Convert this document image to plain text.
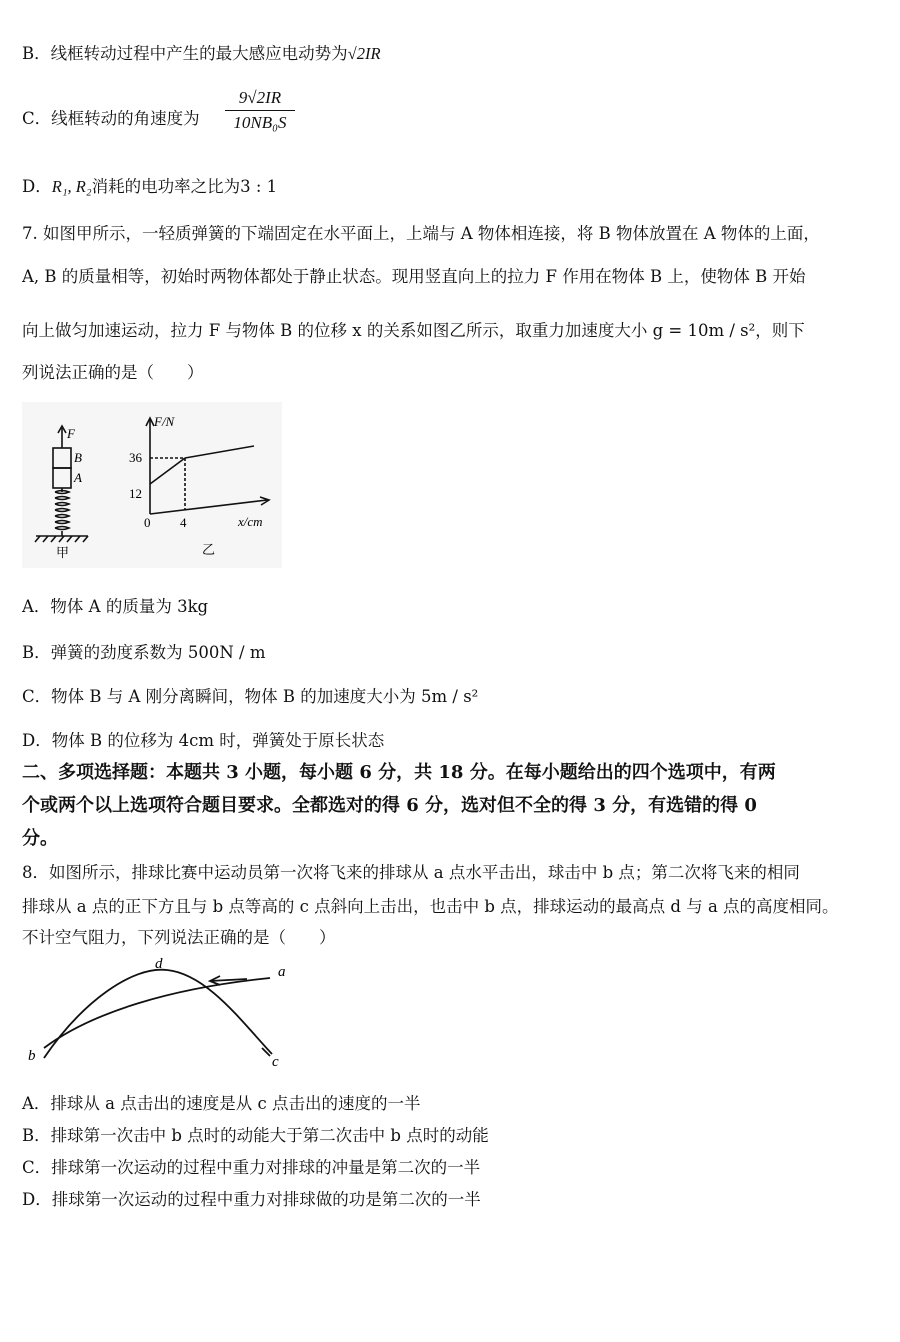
B．线框转动过程中产生的最大感应电动势为√2IR
C．线框转动的角速度为 $\frac{9√2IR}{\text{10NB₀S}}$
D．R₁, R₂消耗的电功率之比为3 : 1
7. 如图甲所示，一轻质弹簧的下端固定在水平面上，上端与 A 物体相连接，将 B 物体放置在 A 物体的上面，
A, B 的质量相等，初始时两物体都处于静止状态。现用竖直向上的拉力 F 作用在物体 B 上，使物体 B 开始
向上做匀加速运动，拉力 F 与物体 B 的位移 x 的关系如图乙所示，取重力加速度大小 g = 10m / s²，则下
列说法正确的是（　　）
F
B
A
甲
F/N
x/cm
36
12
0 4
乙
A．物体 A 的质量为 3kg
B．弹簧的劲度系数为 500N / m
C．物体 B 与 A 刚分离瞬间，物体 B 的加速度大小为 5m / s²
D．物体 B 的位移为 4cm 时，弹簧处于原长状态
二、多项选择题：本题共 3 小题，每小题 6 分，共 18 分。在每小题给出的四个选项中，有两
个或两个以上选项符合题目要求。全都选对的得 6 分，选对但不全的得 3 分，有选错的得 0
分。
8．如图所示，排球比赛中运动员第一次将飞来的排球从 a 点水平击出，球击中 b 点；第二次将飞来的相同
排球从 a 点的正下方且与 b 点等高的 c 点斜向上击出，也击中 b 点，排球运动的最高点 d 与 a 点的高度相同。
不计空气阻力，下列说法正确的是（　　）
a
b	c
d
A．排球从 a 点击出的速度是从 c 点击出的速度的一半
B．排球第一次击中 b 点时的动能大于第二次击中 b 点时的动能
C．排球第一次运动的过程中重力对排球的冲量是第二次的一半
D．排球第一次运动的过程中重力对排球做的功是第二次的一半
